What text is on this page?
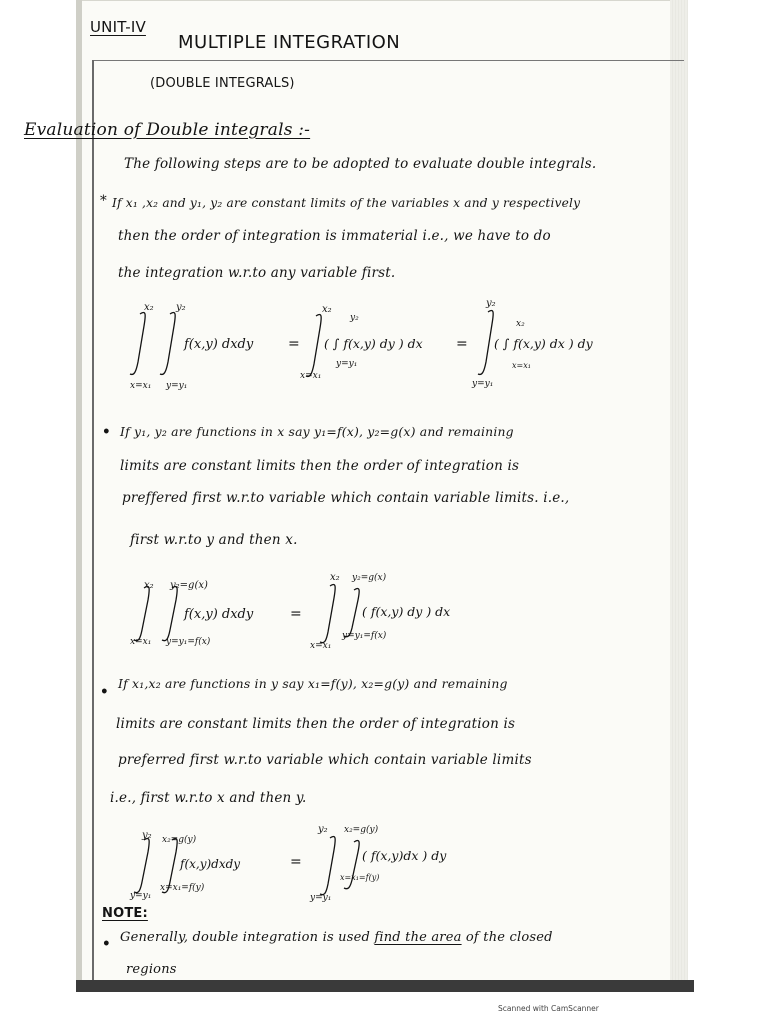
UNIT-IV

MULTIPLE INTEGRATION

(DOUBLE INTEGRALS)

Evaluation of Double integrals :-

The following steps are to be adopted to evaluate double integrals.

* If x₁ ,x₂ and y₁, y₂ are constant limits of the variables x and y respectively

then the order of integration is immaterial i.e., we have to do

the integration w.r.to any variable first.

x₂
x=x₁
y₂
y=y₁
f(x,y) dxdy =
x₂
x=x₁
y₂
y=y₁
( ∫ f(x,y) dy ) dx =
y₂
y=y₁
x₂
x=x₁
( ∫ f(x,y) dx ) dy

• If y₁, y₂ are functions in x say y₁=f(x), y₂=g(x) and remaining

limits are constant limits then the order of integration is

preffered first w.r.to variable which contain variable limits. i.e.,

first w.r.to y and then x.

x₂
x=x₁
y₂=g(x)
y=y₁=f(x)
f(x,y) dxdy	=
x₂
x=x₁
y₂=g(x)
y=y₁=f(x)
( f(x,y) dy ) dx

•

If x₁,x₂ are functions in y say x₁=f(y), x₂=g(y) and remaining

limits are constant limits then the order of integration is

preferred first w.r.to variable which contain variable limits

i.e., first w.r.to x and then y.

y₂
y=y₁
x₂=g(y)
x=x₁=f(y)
f(x,y)dxdy	=
y₂
y=y₁
x₂=g(y)
x=x₁=f(y)
( f(x,y)dx ) dy

NOTE:

• Generally, double integration is used find the area of the closed

regions

Scanned with CamScanner
